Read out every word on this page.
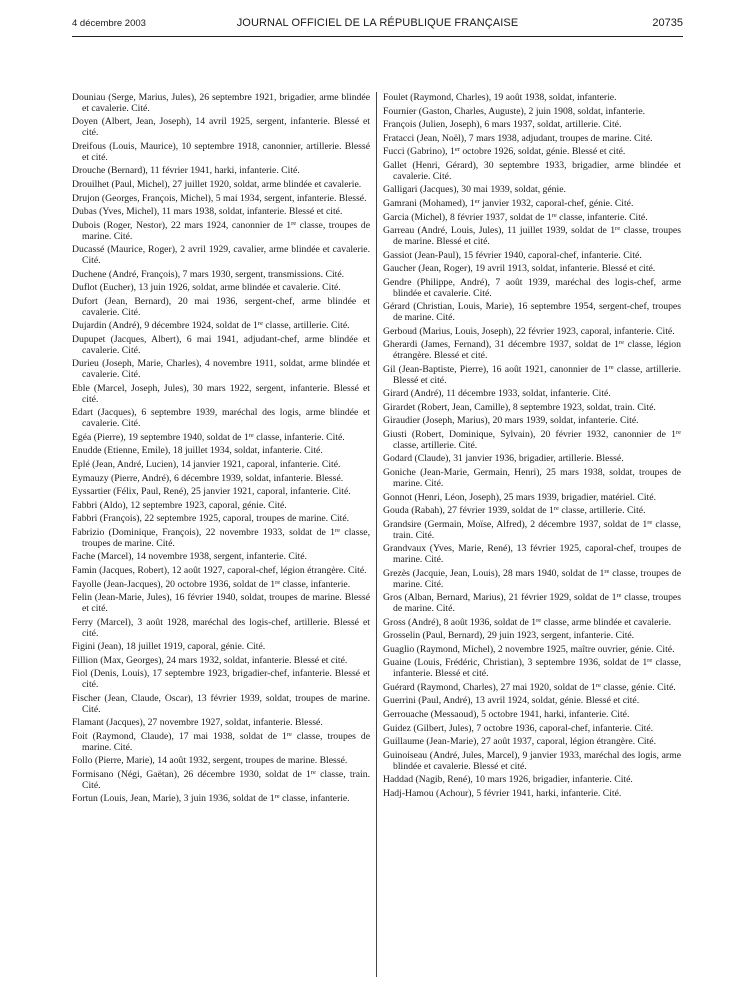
4 décembre 2003	JOURNAL OFFICIEL DE LA RÉPUBLIQUE FRANÇAISE	20735

Douniau (Serge, Marius, Jules), 26 septembre 1921, brigadier, arme blindée et cavalerie. Cité.

Doyen (Albert, Jean, Joseph), 14 avril 1925, sergent, infanterie. Blessé et cité.

Dreifous (Louis, Maurice), 10 septembre 1918, canonnier, artillerie. Blessé et cité.

Drouche (Bernard), 11 février 1941, harki, infanterie. Cité.

Drouilhet (Paul, Michel), 27 juillet 1920, soldat, arme blindée et cavalerie.

Drujon (Georges, François, Michel), 5 mai 1934, sergent, infanterie. Blessé.

Dubas (Yves, Michel), 11 mars 1938, soldat, infanterie. Blessé et cité.

Dubois (Roger, Nestor), 22 mars 1924, canonnier de 1re classe, troupes de marine. Cité.

Ducassé (Maurice, Roger), 2 avril 1929, cavalier, arme blindée et cavalerie. Cité.

Duchene (André, François), 7 mars 1930, sergent, transmissions. Cité.

Duflot (Eucher), 13 juin 1926, soldat, arme blindée et cavalerie. Cité.

Dufort (Jean, Bernard), 20 mai 1936, sergent-chef, arme blindée et cavalerie. Cité.

Dujardin (André), 9 décembre 1924, soldat de 1re classe, artillerie. Cité.

Dupupet (Jacques, Albert), 6 mai 1941, adjudant-chef, arme blindée et cavalerie. Cité.

Durieu (Joseph, Marie, Charles), 4 novembre 1911, soldat, arme blindée et cavalerie. Cité.

Eble (Marcel, Joseph, Jules), 30 mars 1922, sergent, infanterie. Blessé et cité.

Edart (Jacques), 6 septembre 1939, maréchal des logis, arme blindée et cavalerie. Cité.

Egéa (Pierre), 19 septembre 1940, soldat de 1re classe, infanterie. Cité.

Enudde (Etienne, Emile), 18 juillet 1934, soldat, infanterie. Cité.

Eplé (Jean, André, Lucien), 14 janvier 1921, caporal, infanterie. Cité.

Eymauzy (Pierre, André), 6 décembre 1939, soldat, infanterie. Blessé.

Eyssartier (Félix, Paul, René), 25 janvier 1921, caporal, infanterie. Cité.

Fabbri (Aldo), 12 septembre 1923, caporal, génie. Cité.

Fabbri (François), 22 septembre 1925, caporal, troupes de marine. Cité.

Fabrizio (Dominique, François), 22 novembre 1933, soldat de 1re classe, troupes de marine. Cité.

Fache (Marcel), 14 novembre 1938, sergent, infanterie. Cité.

Famin (Jacques, Robert), 12 août 1927, caporal-chef, légion étrangère. Cité.

Fayolle (Jean-Jacques), 20 octobre 1936, soldat de 1re classe, infanterie.

Felin (Jean-Marie, Jules), 16 février 1940, soldat, troupes de marine. Blessé et cité.

Ferry (Marcel), 3 août 1928, maréchal des logis-chef, artillerie. Blessé et cité.

Figini (Jean), 18 juillet 1919, caporal, génie. Cité.

Fillion (Max, Georges), 24 mars 1932, soldat, infanterie. Blessé et cité.

Fiol (Denis, Louis), 17 septembre 1923, brigadier-chef, infanterie. Blessé et cité.

Fischer (Jean, Claude, Oscar), 13 février 1939, soldat, troupes de marine. Cité.

Flamant (Jacques), 27 novembre 1927, soldat, infanterie. Blessé.

Foit (Raymond, Claude), 17 mai 1938, soldat de 1re classe, troupes de marine. Cité.

Follo (Pierre, Marie), 14 août 1932, sergent, troupes de marine. Blessé.

Formisano (Négi, Gaëtan), 26 décembre 1930, soldat de 1re classe, train. Cité.

Fortun (Louis, Jean, Marie), 3 juin 1936, soldat de 1re classe, infanterie.

Foulet (Raymond, Charles), 19 août 1938, soldat, infanterie.

Fournier (Gaston, Charles, Auguste), 2 juin 1908, soldat, infanterie.

François (Julien, Joseph), 6 mars 1937, soldat, artillerie. Cité.

Fratacci (Jean, Noël), 7 mars 1938, adjudant, troupes de marine. Cité.

Fucci (Gabrino), 1er octobre 1926, soldat, génie. Blessé et cité.

Gallet (Henri, Gérard), 30 septembre 1933, brigadier, arme blindée et cavalerie. Cité.

Galligari (Jacques), 30 mai 1939, soldat, génie.

Gamrani (Mohamed), 1er janvier 1932, caporal-chef, génie. Cité.

Garcia (Michel), 8 février 1937, soldat de 1re classe, infanterie. Cité.

Garreau (André, Louis, Jules), 11 juillet 1939, soldat de 1re classe, troupes de marine. Blessé et cité.

Gassiot (Jean-Paul), 15 février 1940, caporal-chef, infanterie. Cité.

Gaucher (Jean, Roger), 19 avril 1913, soldat, infanterie. Blessé et cité.

Gendre (Philippe, André), 7 août 1939, maréchal des logis-chef, arme blindée et cavalerie. Cité.

Gérard (Christian, Louis, Marie), 16 septembre 1954, sergent-chef, troupes de marine. Cité.

Gerboud (Marius, Louis, Joseph), 22 février 1923, caporal, infanterie. Cité.

Gherardi (James, Fernand), 31 décembre 1937, soldat de 1re classe, légion étrangère. Blessé et cité.

Gil (Jean-Baptiste, Pierre), 16 août 1921, canonnier de 1re classe, artillerie. Blessé et cité.

Girard (André), 11 décembre 1933, soldat, infanterie. Cité.

Girardet (Robert, Jean, Camille), 8 septembre 1923, soldat, train. Cité.

Giraudier (Joseph, Marius), 20 mars 1939, soldat, infanterie. Cité.

Giusti (Robert, Dominique, Sylvain), 20 février 1932, canonnier de 1re classe, artillerie. Cité.

Godard (Claude), 31 janvier 1936, brigadier, artillerie. Blessé.

Goniche (Jean-Marie, Germain, Henri), 25 mars 1938, soldat, troupes de marine. Cité.

Gonnot (Henri, Léon, Joseph), 25 mars 1939, brigadier, matériel. Cité.

Gouda (Rabah), 27 février 1939, soldat de 1re classe, artillerie. Cité.

Grandsire (Germain, Moïse, Alfred), 2 décembre 1937, soldat de 1re classe, train. Cité.

Grandvaux (Yves, Marie, René), 13 février 1925, caporal-chef, troupes de marine. Cité.

Grezès (Jacquie, Jean, Louis), 28 mars 1940, soldat de 1re classe, troupes de marine. Cité.

Gros (Alban, Bernard, Marius), 21 février 1929, soldat de 1re classe, troupes de marine. Cité.

Gross (André), 8 août 1936, soldat de 1re classe, arme blindée et cavalerie.

Grosselin (Paul, Bernard), 29 juin 1923, sergent, infanterie. Cité.

Guaglio (Raymond, Michel), 2 novembre 1925, maître ouvrier, génie. Cité.

Guaine (Louis, Frédéric, Christian), 3 septembre 1936, soldat de 1re classe, infanterie. Blessé et cité.

Guérard (Raymond, Charles), 27 mai 1920, soldat de 1re classe, génie. Cité.

Guerrini (Paul, André), 13 avril 1924, soldat, génie. Blessé et cité.

Gerrouache (Messaoud), 5 octobre 1941, harki, infanterie. Cité.

Guidez (Gilbert, Jules), 7 octobre 1936, caporal-chef, infanterie. Cité.

Guillaume (Jean-Marie), 27 août 1937, caporal, légion étrangère. Cité.

Guinoiseau (André, Jules, Marcel), 9 janvier 1933, maréchal des logis, arme blindée et cavalerie. Blessé et cité.

Haddad (Nagib, René), 10 mars 1926, brigadier, infanterie. Cité.

Hadj-Hamou (Achour), 5 février 1941, harki, infanterie. Cité.
